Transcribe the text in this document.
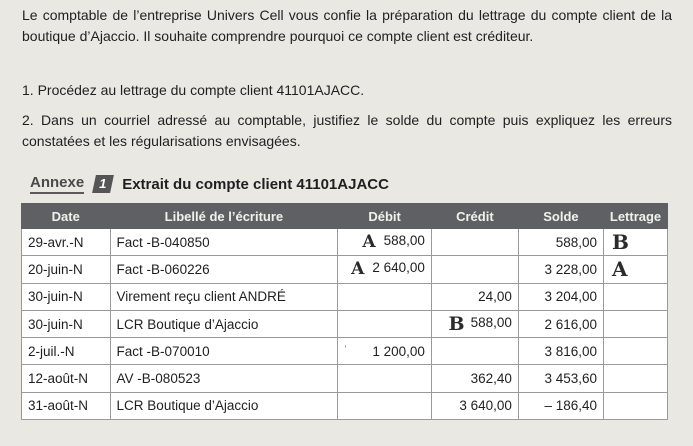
Le comptable de l’entreprise Univers Cell vous confie la préparation du lettrage du compte client de la boutique d’Ajaccio. Il souhaite comprendre pourquoi ce compte client est créditeur.

1. Procédez au lettrage du compte client 41101AJACC.

2. Dans un courriel adressé au comptable, justifiez le solde du compte puis expliquez les erreurs constatées et les régularisations envisagées.

Annexe	1 Extrait du compte client 41101AJACC
Date	Libellé de l’écriture	Débit	Crédit	Solde	Lettrage
29-avr.-N	Fact -B-040850	A 588,00		588,00	B
20-juin-N	Fact -B-060226	A 2 640,00		3 228,00	A
30-juin-N	Virement reçu client ANDRÉ		24,00	3 204,00	
30-juin-N	LCR Boutique d’Ajaccio		B 588,00	2 616,00	
2-juil.-N	Fact -B-070010	’ 1 200,00		3 816,00	
12-août-N	AV -B-080523		362,40	3 453,60	
31-août-N	LCR Boutique d’Ajaccio		3 640,00	– 186,40	
